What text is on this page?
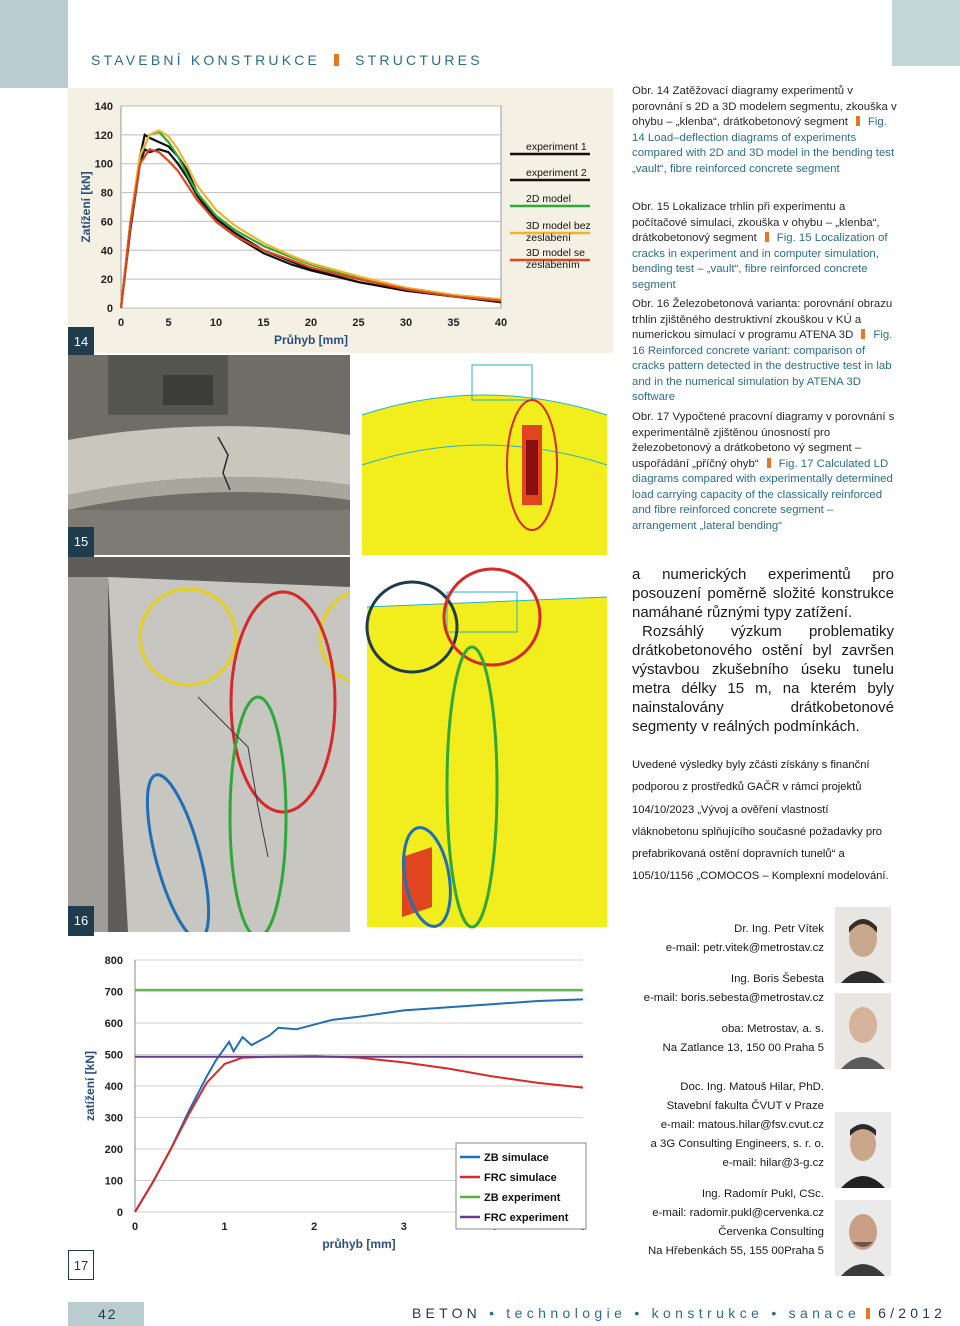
STAVEBNÍ KONSTRUKCE	STRUCTURES
0
20
40
60
80
100
120
140
0	5	10	15	20	25	30	35	40
Průhyb [mm]
Zatížení [kN]
experiment 1
experiment 2
2D model
3D model bez
zeslabení
3D model se
zeslabením
14
15
16
0
100
200
300
400
500
600
700
800
0	1	2	3
průhyb [mm]
zatížení [kN]
ZB simulace
FRC simulace
ZB experiment
FRC experiment
17
Obr. 14 Zatěžovací diagramy experimentů v porovnání s 2D a 3D modelem segmentu, zkouška v ohybu – „klenba“, drátkobetonový segment Fig. 14 Load–deflection diagrams of experiments compared with 2D and 3D model in the bending test „vault“, fibre reinforced concrete segment
Obr. 15 Lokalizace trhlin při experimentu a počítačové simulaci, zkouška v ohybu – „klenba“, drátkobetonový segment Fig. 15 Localization of cracks in experiment and in computer simulation, bending test – „vault“, fibre reinforced concrete segment
Obr. 16 Železobetonová varianta: porovnání obrazu trhlin zjištěného destruktivní zkouškou v KÚ a numerickou simulací v programu ATENA 3D Fig. 16 Reinforced concrete variant: comparison of cracks pattern detected in the destructive test in lab and in the numerical simulation by ATENA 3D software
Obr. 17 Vypočtené pracovní diagramy v porovnání s experimentálně zjištěnou únosností pro železobetonový a drátkobetono vý segment – uspořádání „příčný ohyb“ Fig. 17 Calculated LD diagrams compared with experimentally determined load carrying capacity of the classically reinforced and fibre reinforced concrete segment – arrangement „lateral bending“

a numerických experimentů pro posouzení poměrně složité konstrukce namáhané různými typy zatížení.

Rozsáhlý výzkum problematiky drátkobetonového ostění byl završen výstavbou zkušebního úseku tunelu metra délky 15 m, na kterém byly nainstalovány drátkobetonové segmenty v reálných podmínkách.

Uvedené výsledky byly zčásti získány s finanční podporou z prostředků GAČR v rámci projektů 104/10/2023 „Vývoj a ověření vlastností vláknobetonu splňujícího současné požadavky pro prefabrikovaná ostění dopravních tunelů“ a 105/10/1156 „COMOCOS – Komplexní modelování.
Dr. Ing. Petr Vítek
e-mail: petr.vitek@metrostav.cz
Ing. Boris Šebesta
e-mail: boris.sebesta@metrostav.cz
oba: Metrostav, a. s.
Na Zatlance 13, 150 00 Praha 5
Doc. Ing. Matouš Hilar, PhD.
Stavební fakulta ČVUT v Praze
e-mail: matous.hilar@fsv.cvut.cz
a 3G Consulting Engineers, s. r. o.
e-mail: hilar@3-g.cz
Ing. Radomír Pukl, CSc.
e-mail: radomir.pukl@cervenka.cz
Červenka Consulting
Na Hřebenkách 55, 155 00Praha 5
42	BETON • technologie • konstrukce • sanace 6/2012
